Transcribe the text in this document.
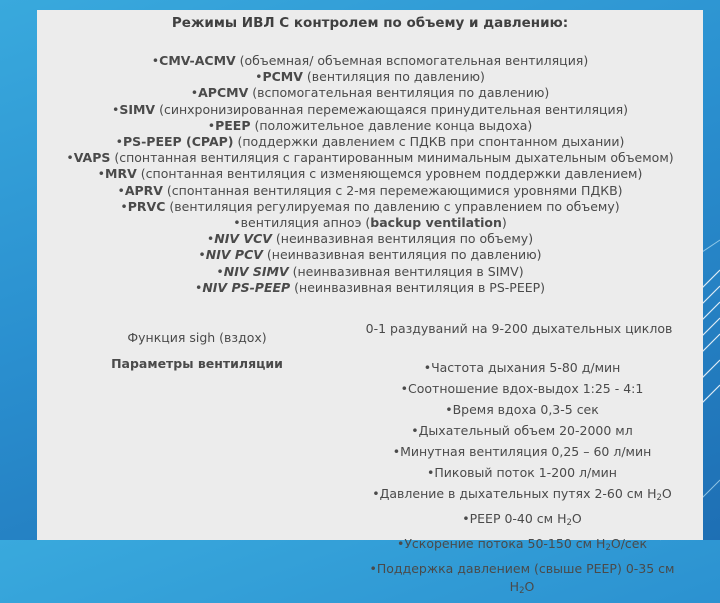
Режимы ИВЛ С контролем по объему и давлению:
•CMV-ACMV (объемная/ объемная вспомогательная вентиляция)
•PCMV (вентиляция по давлению)
•APCMV (вспомогательная вентиляция по давлению)
•SIMV (синхронизированная перемежающаяся принудительная вентиляция)
•PEEP (положительное давление конца выдоха)
•PS-PEEP (CPAP) (поддержки давлением с ПДКВ при спонтанном дыхании)
•VAPS (спонтанная вентиляция с гарантированным минимальным дыхательным объемом)
•MRV (спонтанная вентиляция с изменяющемся уровнем поддержки давлением)
•APRV (спонтанная вентиляция с 2-мя перемежающимися уровнями ПДКВ)
•PRVC (вентиляция регулируемая по давлению с управлением по объему)
•вентиляция апноэ (backup ventilation)
•NIV VCV (неинвазивная вентиляция по объему)
•NIV PCV (неинвазивная вентиляция по давлению)
•NIV SIMV (неинвазивная вентиляция в SIMV)
•NIV PS-PEEP (неинвазивная вентиляция в PS-PEEP)
Функция sigh (вздох)
Параметры вентиляции
0-1 раздуваний на 9-200 дыхательных циклов
•Частота дыхания 5-80 д/мин
•Соотношение вдох-выдох 1:25 - 4:1
•Время вдоха 0,3-5 сек
•Дыхательный объем 20-2000 мл
•Минутная вентиляция 0,25 – 60 л/мин
•Пиковый поток 1-200 л/мин
•Давление в дыхательных путях 2-60 см $H_2O$
•PEEP 0-40 см $H_2O$
•Ускорение потока 50-150 см $H_2O$/сек
•Поддержка давлением (свыше PEEP) 0-35 см $H_2O$
